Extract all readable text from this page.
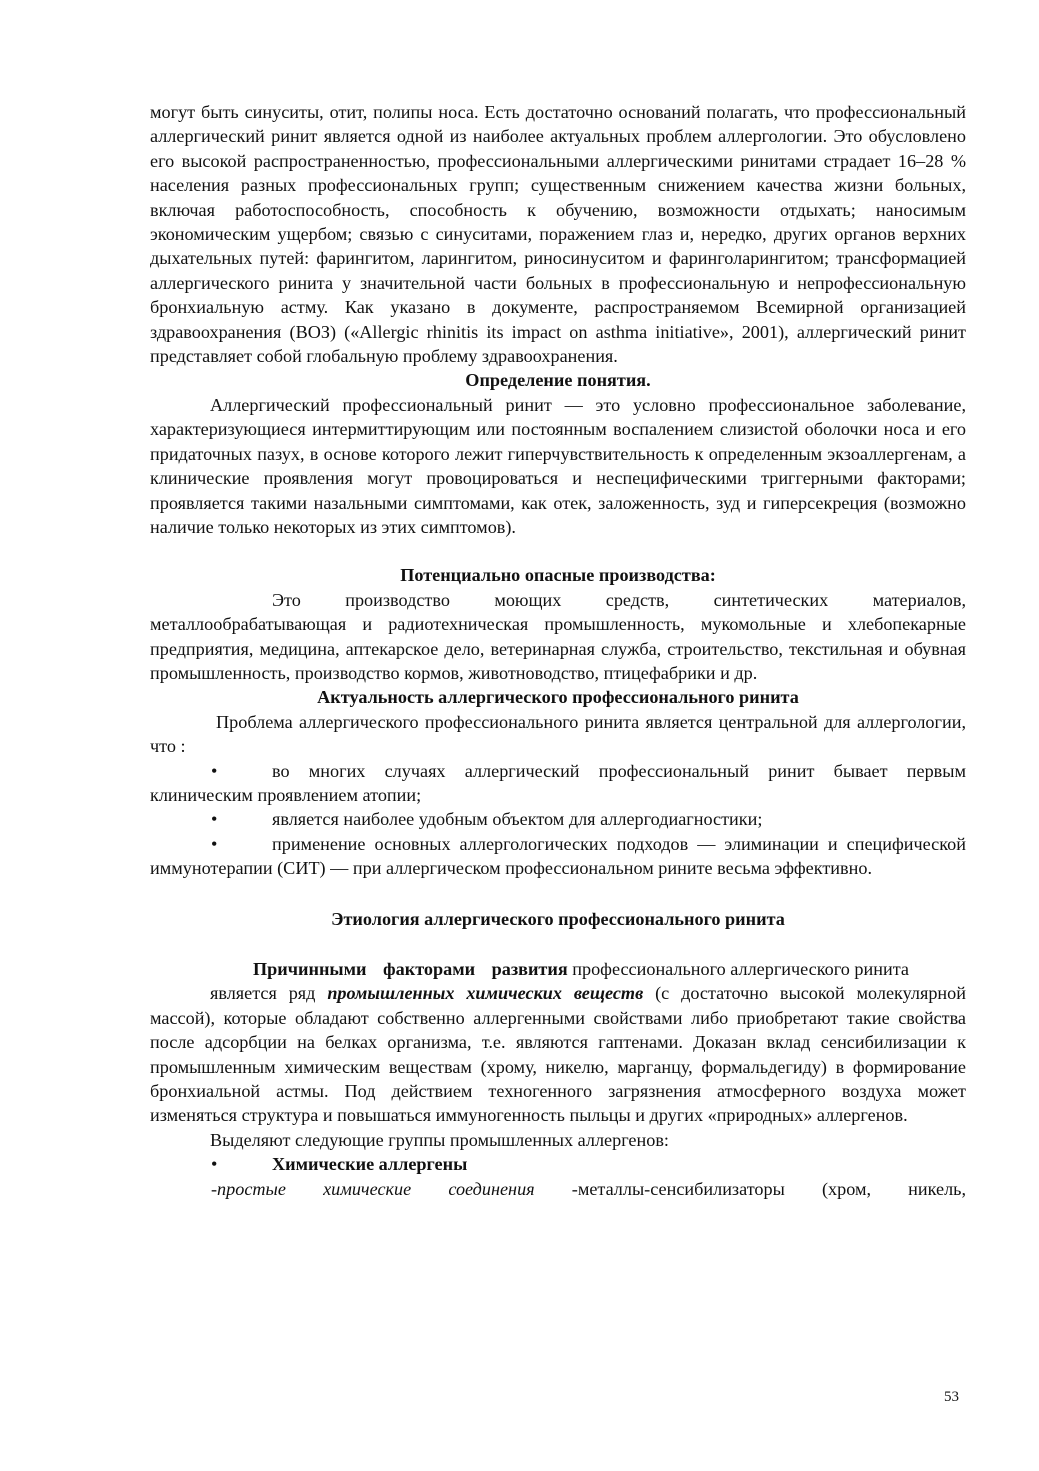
могут быть синуситы, отит, полипы носа. Есть достаточно оснований полагать, что профессиональный аллергический ринит является одной из наиболее актуальных проблем аллергологии. Это обусловлено его высокой распространенностью, профессиональными аллергическими ринитами страдает 16–28 % населения разных профессиональных групп; существенным снижением качества жизни больных, включая работоспособность, способность к обучению, возможности отдыхать; наносимым экономическим ущербом; связью с синуситами, поражением глаз и, нередко, других органов верхних дыхательных путей: фарингитом, ларингитом, риносинуситом и фаринголарингитом; трансформацией аллергического ринита у значительной части больных в профессиональную и непрофессиональную бронхиальную астму. Как указано в документе, распространяемом Всемирной организацией здравоохранения (ВОЗ) («Allergic rhinitis its impact on asthma initiative», 2001), аллергический ринит представляет собой глобальную проблему здравоохранения.

Определение понятия.

Аллергический профессиональный ринит — это условно профессиональное заболевание, характеризующиеся интермиттирующим или постоянным воспалением слизистой оболочки носа и его придаточных пазух, в основе которого лежит гиперчувствительность к определенным экзоаллергенам, а клинические проявления могут провоцироваться и неспецифическими триггерными факторами; проявляется такими назальными симптомами, как отек, заложенность, зуд и гиперсекреция (возможно наличие только некоторых из этих симптомов).

Потенциально опасные производства:

Это производство моющих средств, синтетических материалов, металлообрабатывающая и радиотехническая промышленность, мукомольные и хлебопекарные предприятия, медицина, аптекарское дело, ветеринарная служба, строительство, текстильная и обувная промышленность, производство кормов, животноводство, птицефабрики и др.

Актуальность аллергического профессионального ринита

Проблема аллергического профессионального ринита является центральной для аллергологии, что :

•	во многих случаях аллергический профессиональный ринит бывает первым клиническим проявлением атопии;
•	является наиболее удобным объектом для аллергодиагностики;
•	применение основных аллергологических подходов — элиминации и специфической иммунотерапии (СИТ) — при аллергическом профессиональном рините весьма эффективно.

Этиология аллергического профессионального ринита

Причинными факторами развития профессионального аллергического ринита

является ряд промышленных химических веществ (с достаточно высокой молекулярной массой), которые обладают собственно аллергенными свойствами либо приобретают такие свойства после адсорбции на белках организма, т.е. являются гаптенами. Доказан вклад сенсибилизации к промышленным химическим веществам (хрому, никелю, марганцу, формальдегиду) в формирование бронхиальной астмы. Под действием техногенного загрязнения атмосферного воздуха может изменяться структура и повышаться иммуногенность пыльцы и других «природных» аллергенов.

Выделяют следующие группы промышленных аллергенов:

•	Химические аллергены

-простые химические соединения -металлы-сенсибилизаторы (хром, никель,

53
